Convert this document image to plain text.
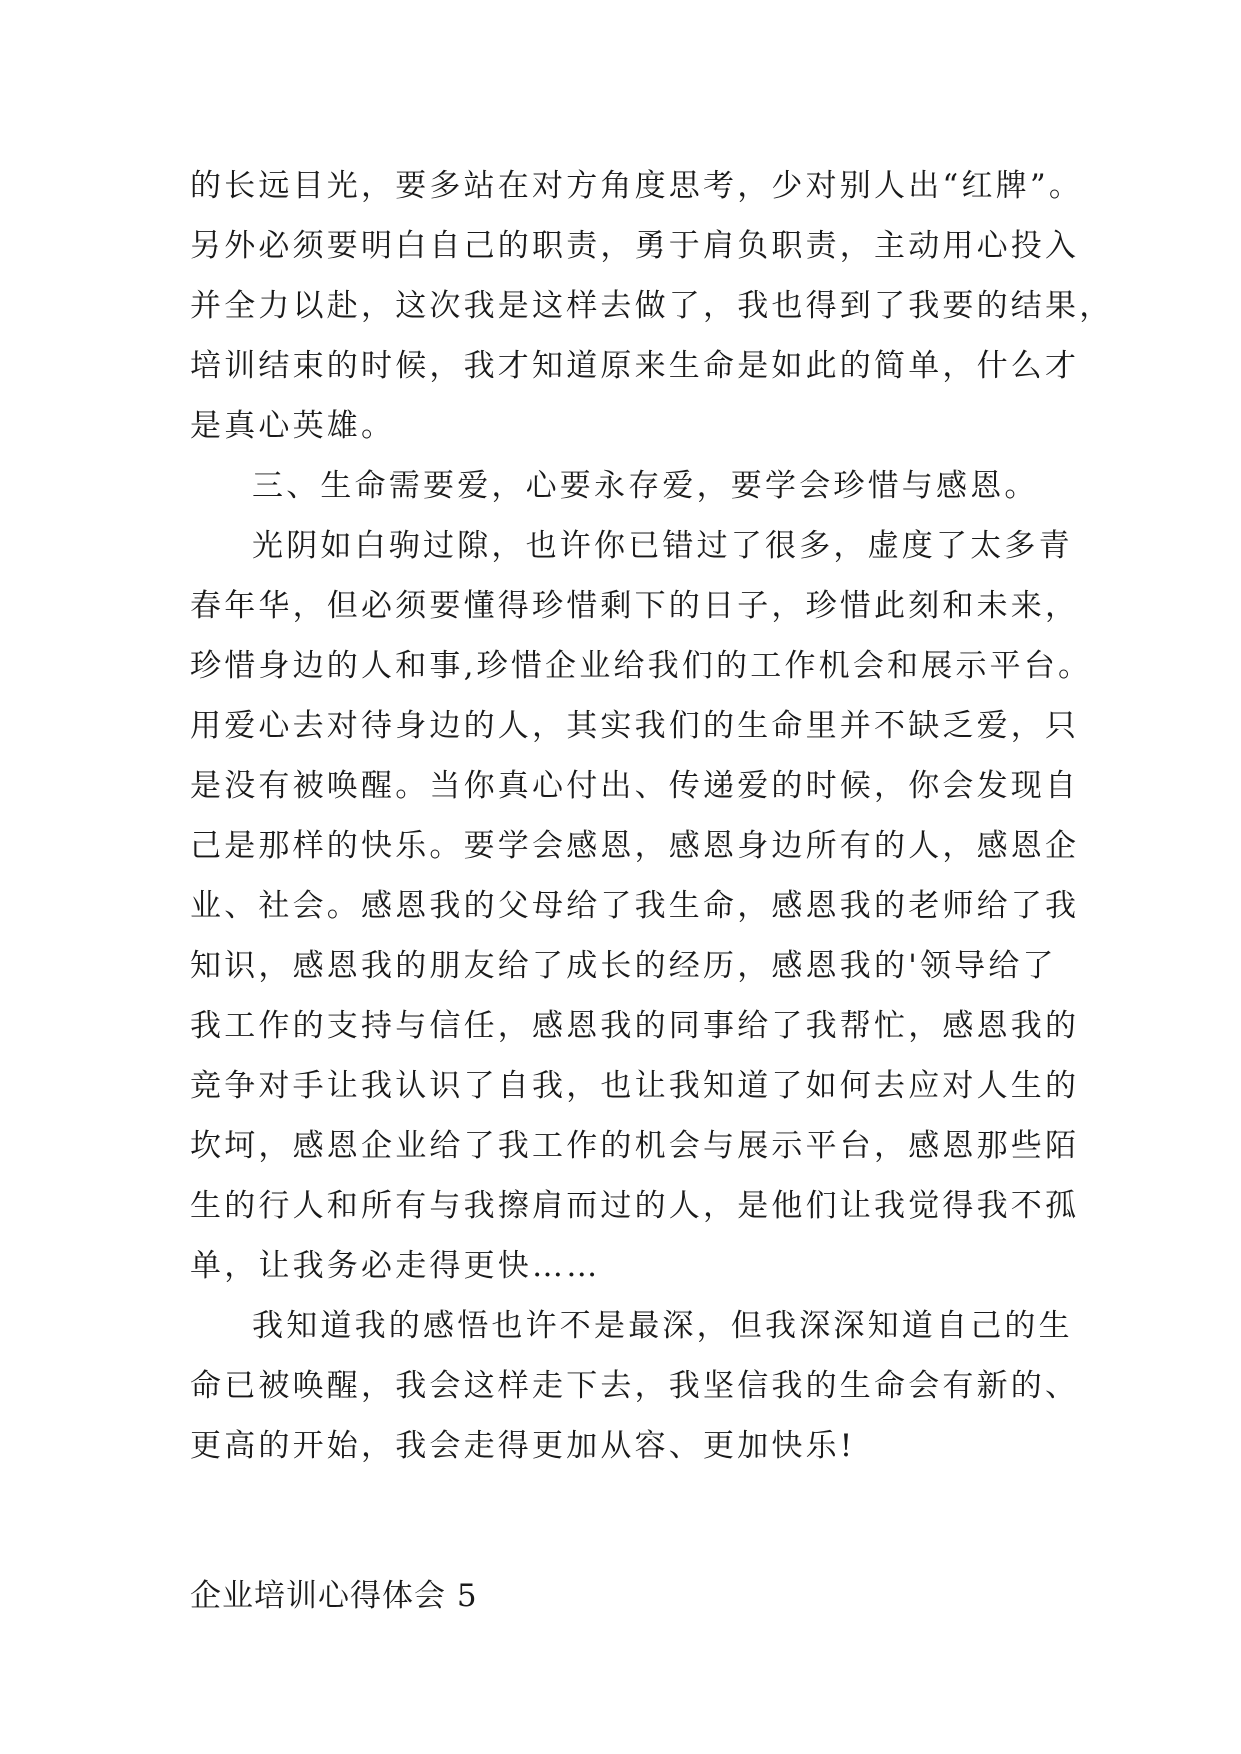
的长远目光，要多站在对方角度思考，少对别人出“红牌”。
另外必须要明白自己的职责，勇于肩负职责，主动用心投入
并全力以赴，这次我是这样去做了，我也得到了我要的结果，
培训结束的时候，我才知道原来生命是如此的简单，什么才
是真心英雄。
三、生命需要爱，心要永存爱，要学会珍惜与感恩。
光阴如白驹过隙，也许你已错过了很多，虚度了太多青
春年华，但必须要懂得珍惜剩下的日子，珍惜此刻和未来，
珍惜身边的人和事,珍惜企业给我们的工作机会和展示平台。
用爱心去对待身边的人，其实我们的生命里并不缺乏爱，只
是没有被唤醒。当你真心付出、传递爱的时候，你会发现自
己是那样的快乐。要学会感恩，感恩身边所有的人，感恩企
业、社会。感恩我的父母给了我生命，感恩我的老师给了我
知识，感恩我的朋友给了成长的经历，感恩我的'领导给了
我工作的支持与信任，感恩我的同事给了我帮忙，感恩我的
竞争对手让我认识了自我，也让我知道了如何去应对人生的
坎坷，感恩企业给了我工作的机会与展示平台，感恩那些陌
生的行人和所有与我擦肩而过的人，是他们让我觉得我不孤
单，让我务必走得更快……
我知道我的感悟也许不是最深，但我深深知道自己的生
命已被唤醒，我会这样走下去，我坚信我的生命会有新的、
更高的开始，我会走得更加从容、更加快乐!
企业培训心得体会 5
